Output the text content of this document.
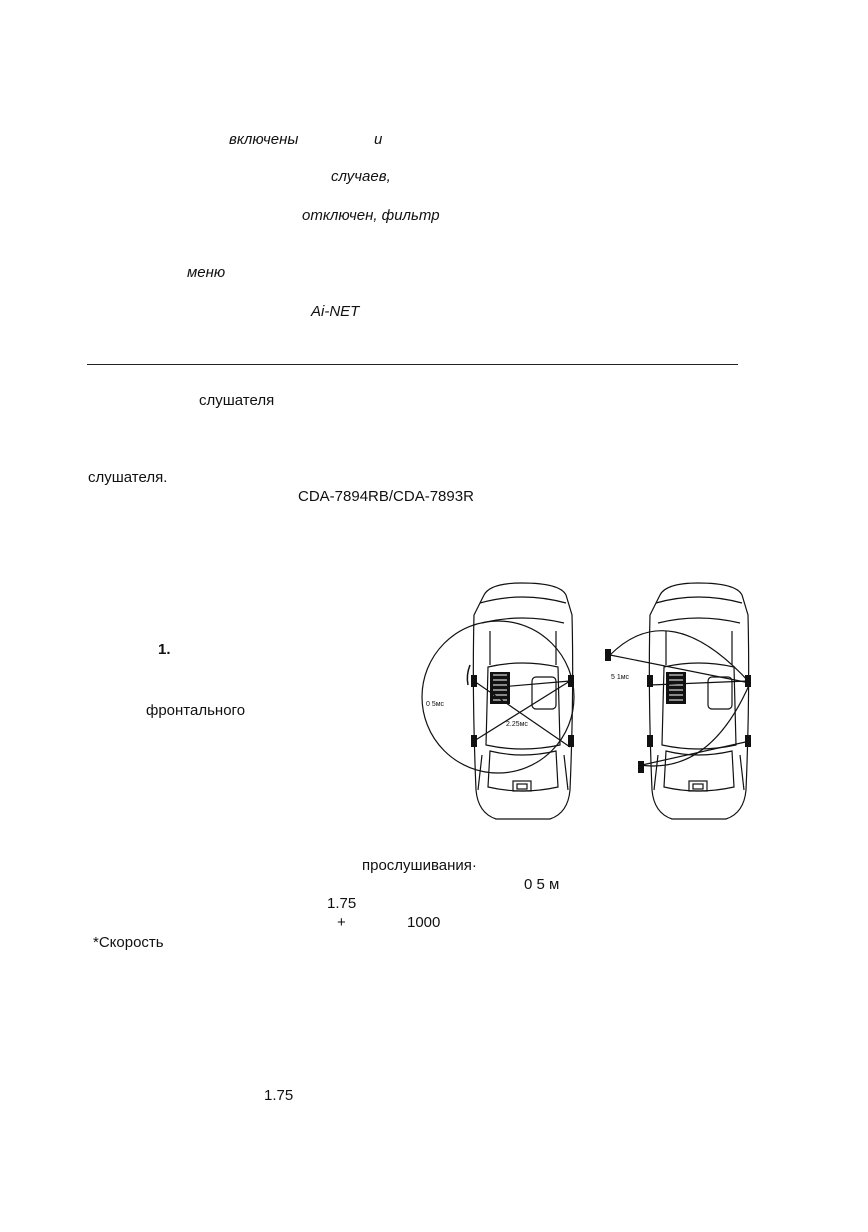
включены	и
случаев,
отключен, фильтр
меню
Ai-NET
слушателя
слушателя.
CDA-7894RB/CDA-7893R
1.
фронтального	0 5мс
2.25мс
5 1мс
прослушивания·
0 5 м
1.75
+	1000
*Скорость
1.75
